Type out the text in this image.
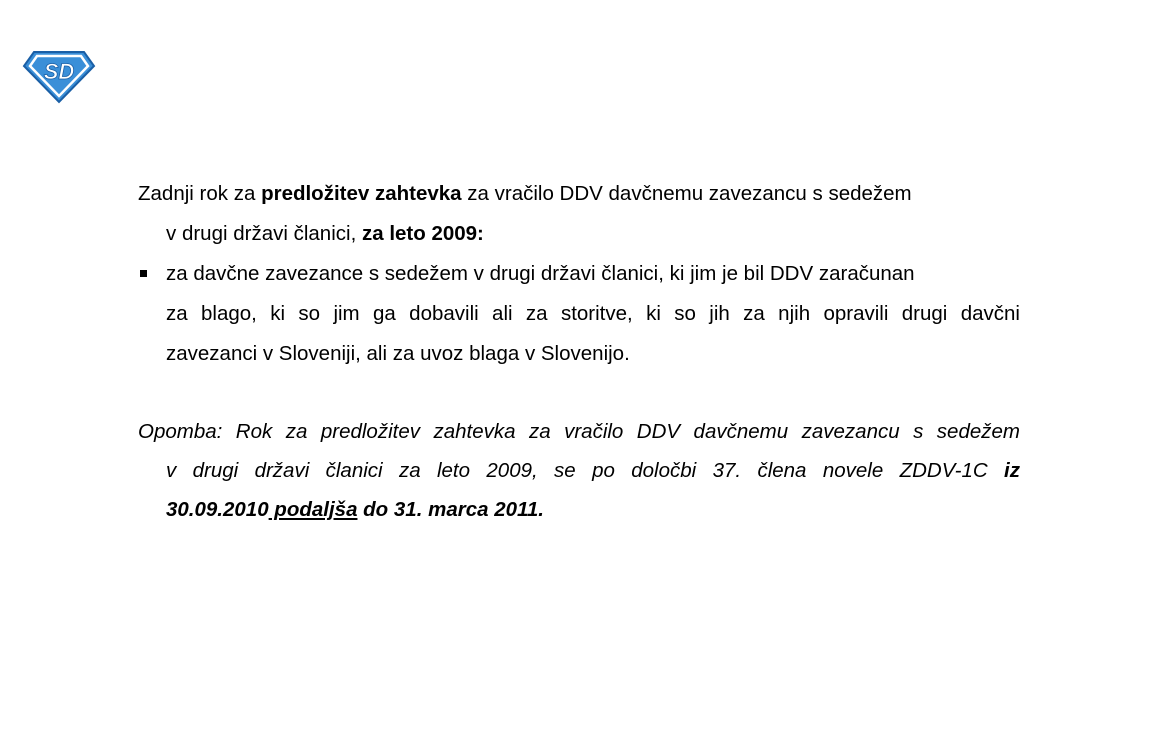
SD
Zadnji rok za predložitev zahtevka za vračilo DDV davčnemu zavezancu s sedežem
v drugi državi članici, za leto 2009:
za davčne zavezance s sedežem v drugi državi članici, ki jim je bil DDV zaračunan
za blago, ki so jim ga dobavili ali za storitve, ki so jih za njih opravili drugi davčni
zavezanci v Sloveniji, ali za uvoz blaga v Slovenijo.
Opomba: Rok za predložitev zahtevka za vračilo DDV davčnemu zavezancu s sedežem
v drugi državi članici za leto 2009, se po določbi 37. člena novele ZDDV-1C iz
30.09.2010 podaljša do 31. marca 2011.
